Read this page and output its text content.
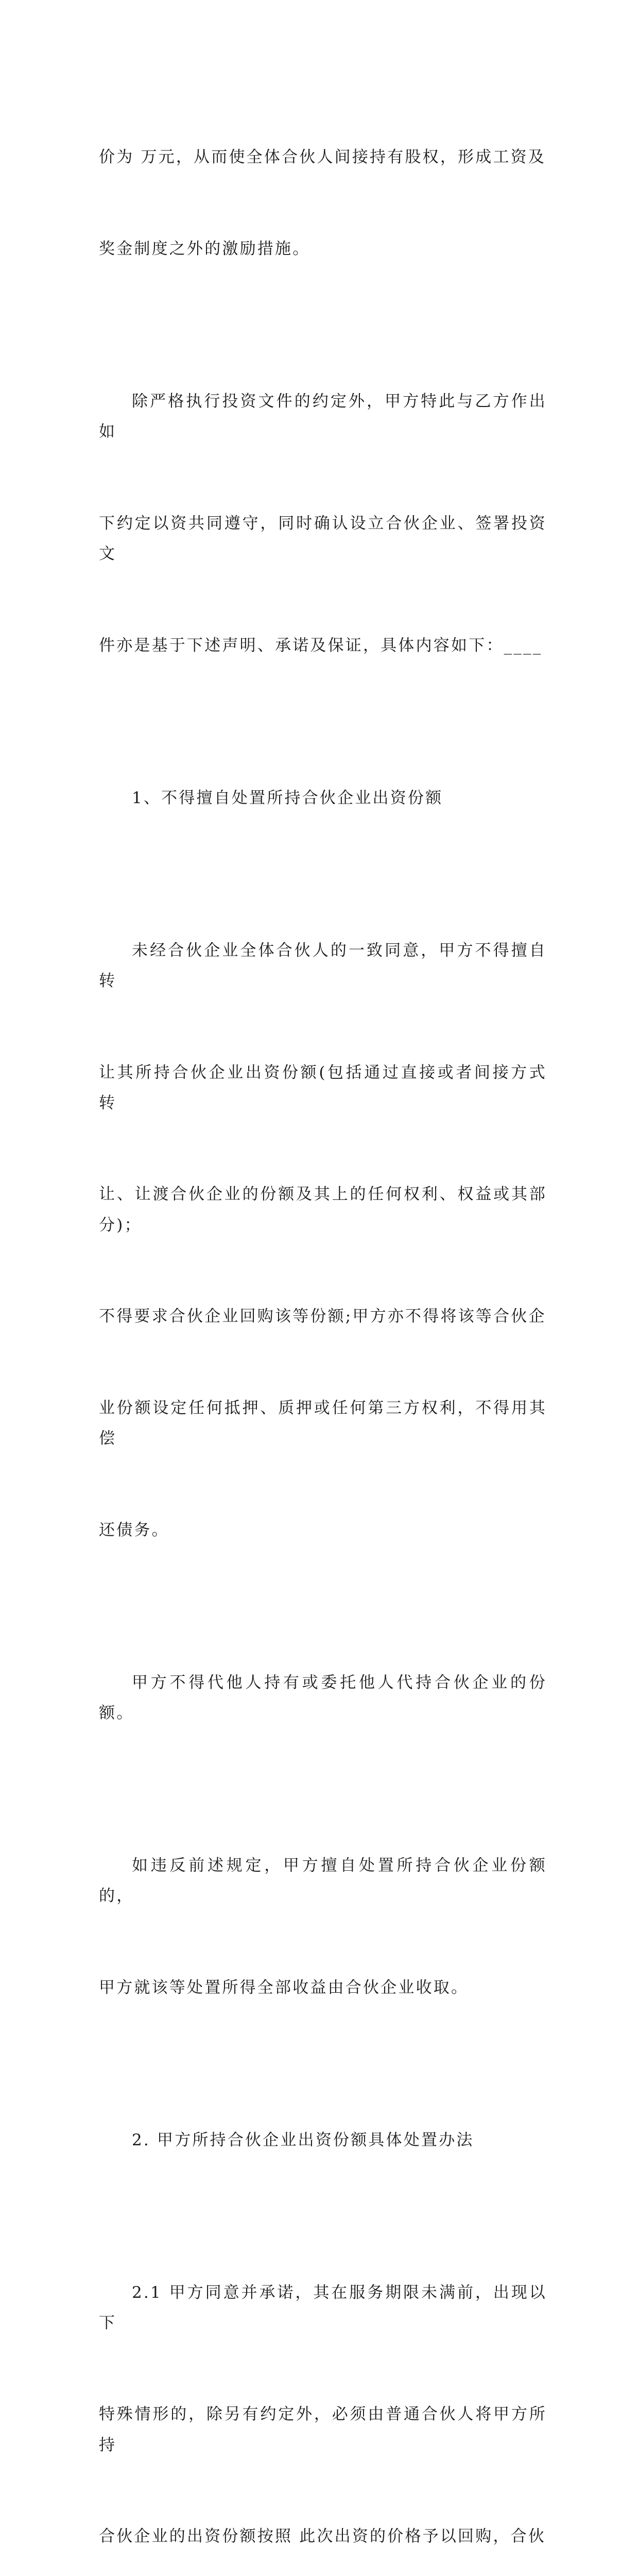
价为 万元，从而使全体合伙人间接持有股权，形成工资及

奖金制度之外的激励措施。

除严格执行投资文件的约定外，甲方特此与乙方作出如

下约定以资共同遵守，同时确认设立合伙企业、签署投资文

件亦是基于下述声明、承诺及保证，具体内容如下：____

1、不得擅自处置所持合伙企业出资份额

未经合伙企业全体合伙人的一致同意，甲方不得擅自转

让其所持合伙企业出资份额(包括通过直接或者间接方式转

让、让渡合伙企业的份额及其上的任何权利、权益或其部分)；

不得要求合伙企业回购该等份额;甲方亦不得将该等合伙企

业份额设定任何抵押、质押或任何第三方权利，不得用其偿

还债务。

甲方不得代他人持有或委托他人代持合伙企业的份额。

如违反前述规定，甲方擅自处置所持合伙企业份额的，

甲方就该等处置所得全部收益由合伙企业收取。

2. 甲方所持合伙企业出资份额具体处置办法

2.1 甲方同意并承诺，其在服务期限未满前，出现以下

特殊情形的，除另有约定外，必须由普通合伙人将甲方所持

合伙企业的出资份额按照 此次出资的价格予以回购，合伙
